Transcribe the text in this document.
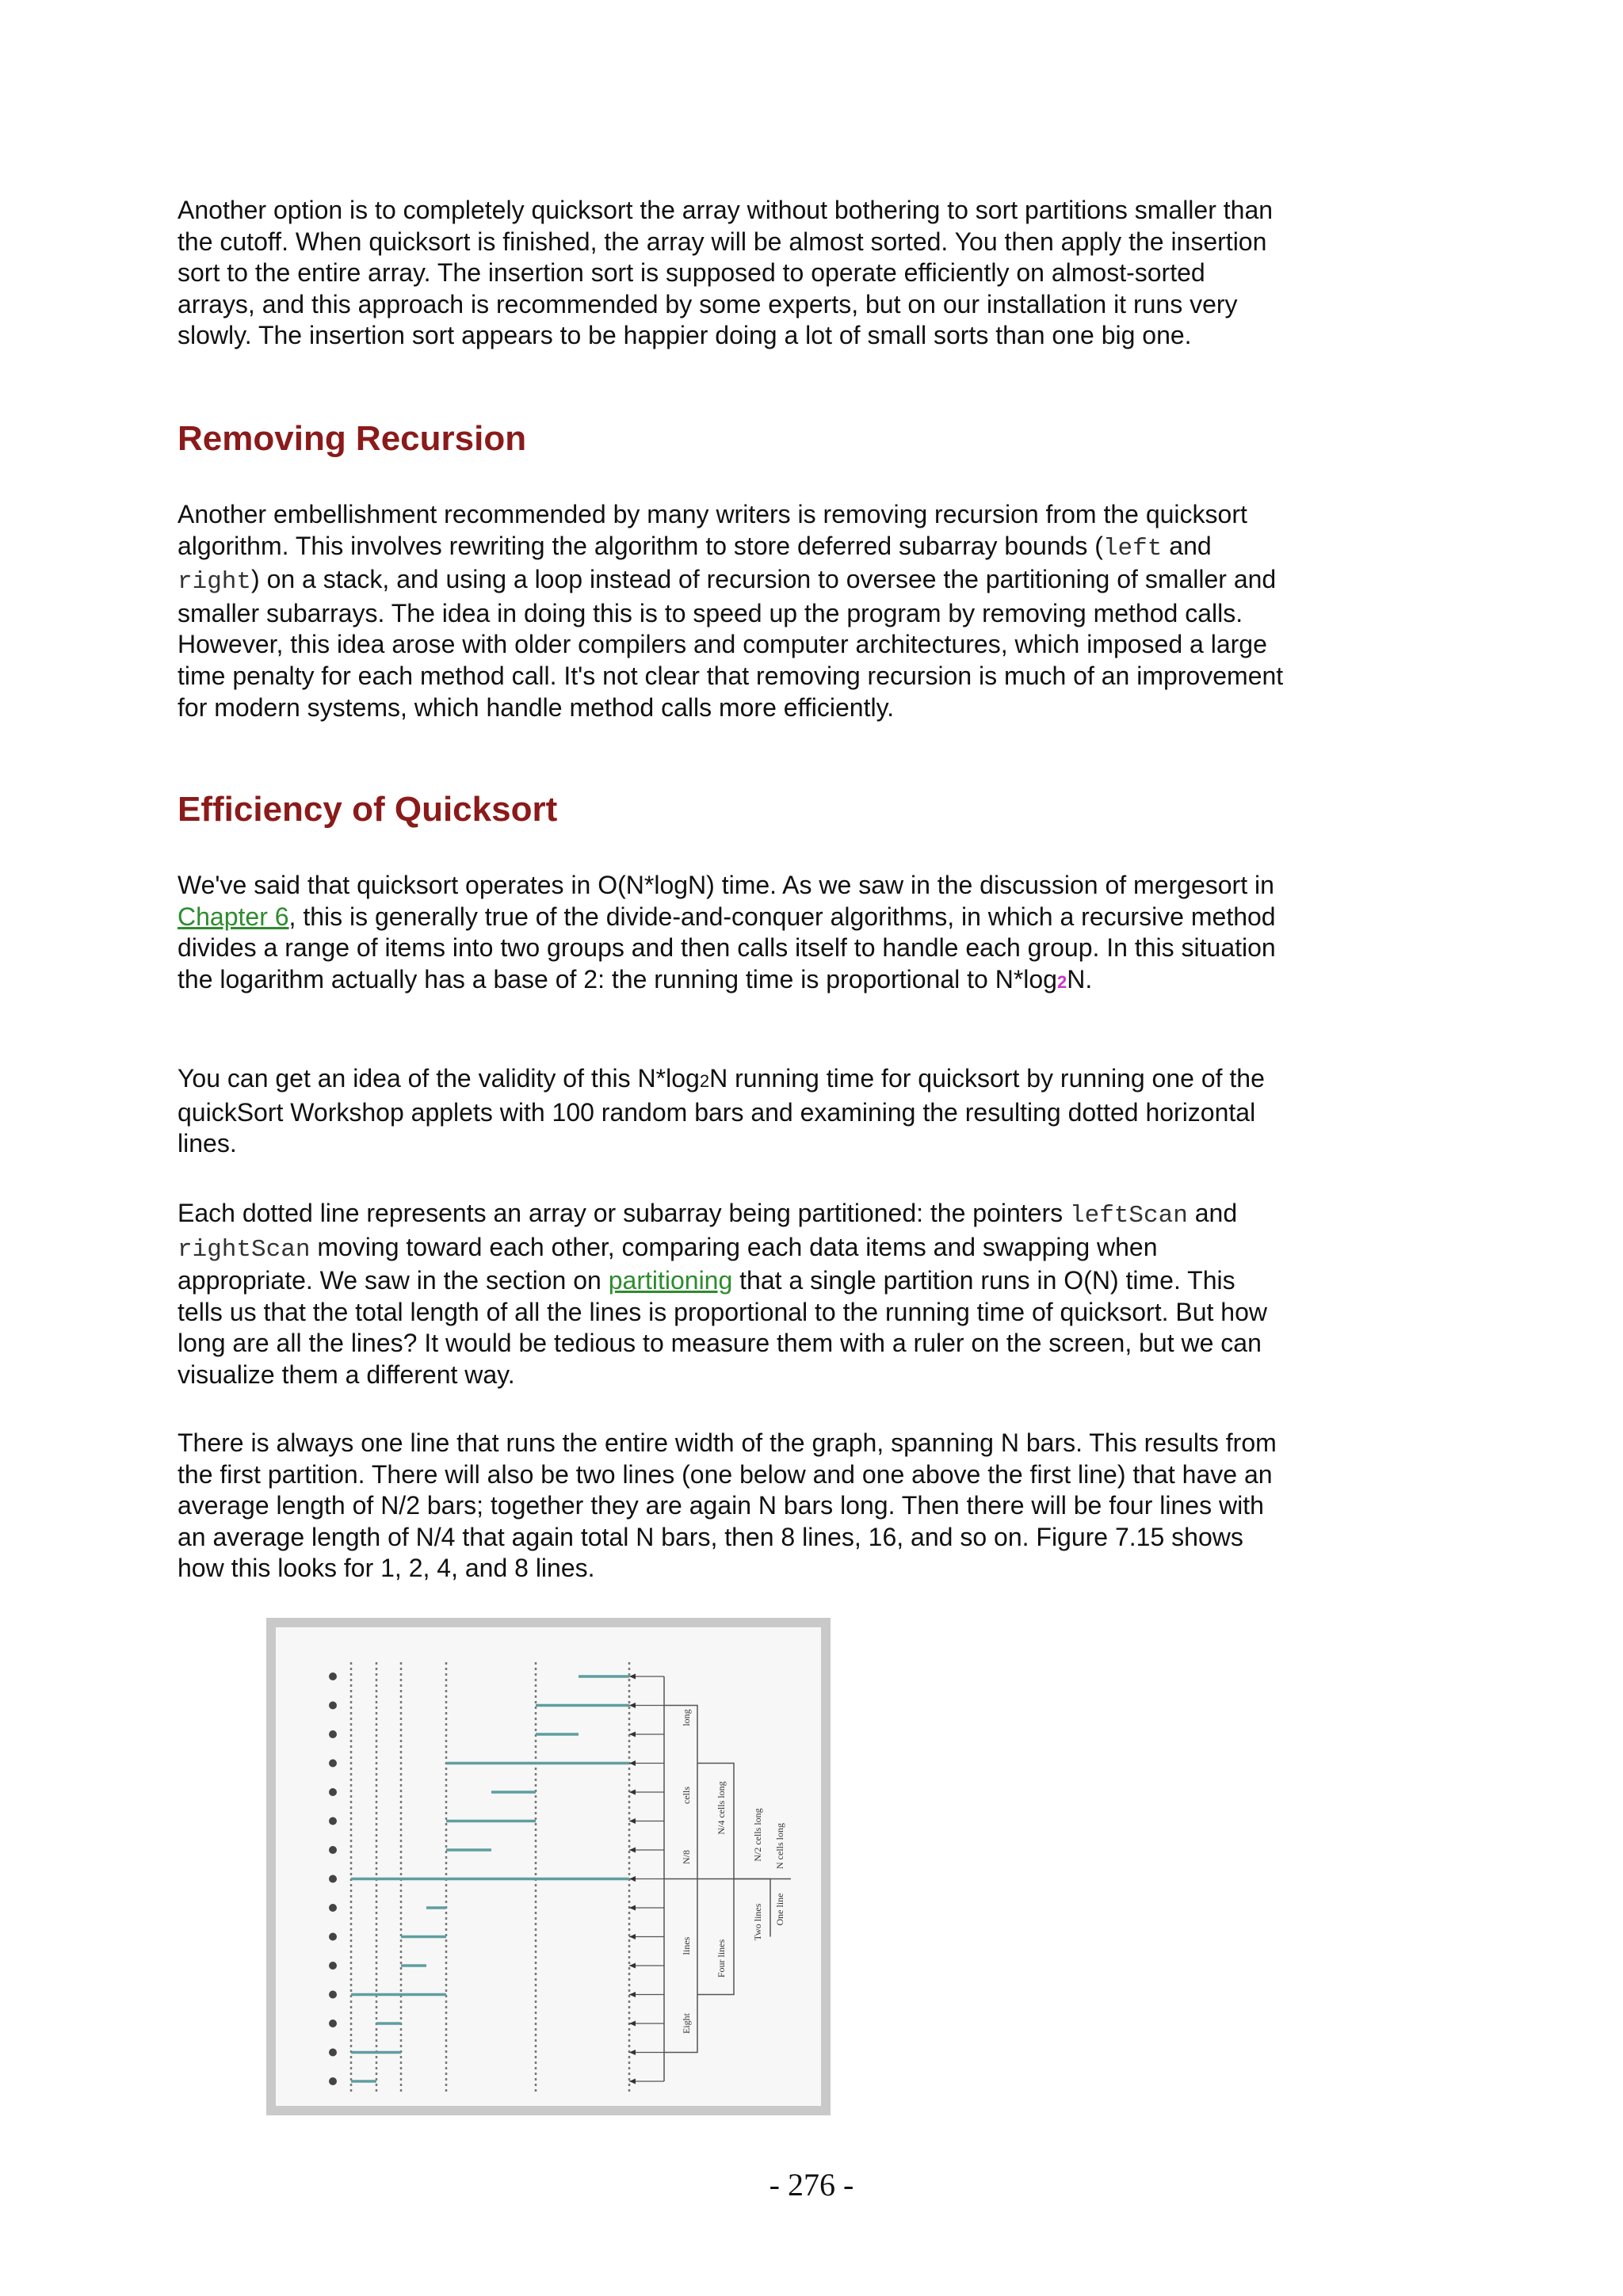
Another option is to completely quicksort the array without bothering to sort partitions smaller than the cutoff. When quicksort is finished, the array will be almost sorted. You then apply the insertion sort to the entire array. The insertion sort is supposed to operate efficiently on almost-sorted arrays, and this approach is recommended by some experts, but on our installation it runs very slowly. The insertion sort appears to be happier doing a lot of small sorts than one big one.

Removing Recursion

Another embellishment recommended by many writers is removing recursion from the quicksort algorithm. This involves rewriting the algorithm to store deferred subarray bounds (left and right) on a stack, and using a loop instead of recursion to oversee the partitioning of smaller and smaller subarrays. The idea in doing this is to speed up the program by removing method calls. However, this idea arose with older compilers and computer architectures, which imposed a large time penalty for each method call. It's not clear that removing recursion is much of an improvement for modern systems, which handle method calls more efficiently.

Efficiency of Quicksort

We've said that quicksort operates in O(N*logN) time. As we saw in the discussion of mergesort in Chapter 6, this is generally true of the divide-and-conquer algorithms, in which a recursive method divides a range of items into two groups and then calls itself to handle each group. In this situation the logarithm actually has a base of 2: the running time is proportional to N*log2N.

You can get an idea of the validity of this N*log2N running time for quicksort by running one of the quickSort Workshop applets with 100 random bars and examining the resulting dotted horizontal lines.

Each dotted line represents an array or subarray being partitioned: the pointers leftScan and rightScan moving toward each other, comparing each data items and swapping when appropriate. We saw in the section on partitioning that a single partition runs in O(N) time. This tells us that the total length of all the lines is proportional to the running time of quicksort. But how long are all the lines? It would be tedious to measure them with a ruler on the screen, but we can visualize them a different way.

There is always one line that runs the entire width of the graph, spanning N bars. This results from the first partition. There will also be two lines (one below and one above the first line) that have an average length of N/2 bars; together they are again N bars long. Then there will be four lines with an average length of N/4 that again total N bars, then 8 lines, 16, and so on. Figure 7.15 shows how this looks for 1, 2, 4, and 8 lines.

long
cells
N/8
lines
Eight
N/4 cells long
Four lines
N/2 cells long
Two lines
N cells long
One line
- 276 -
